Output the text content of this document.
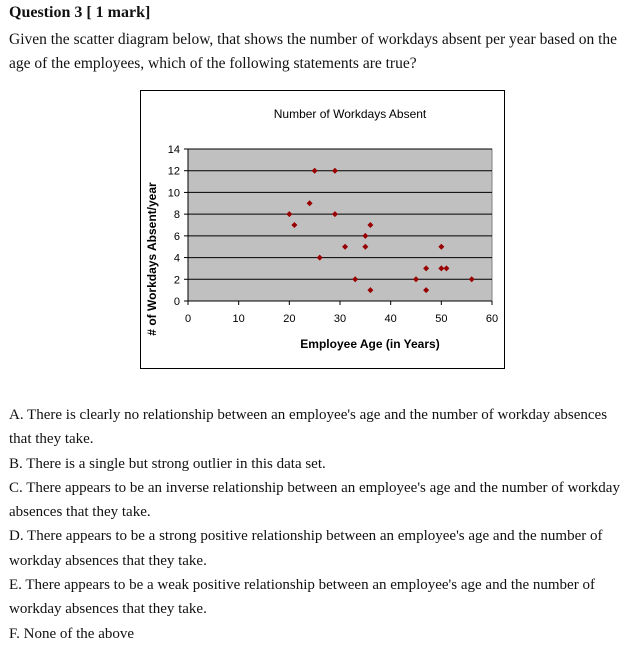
Question 3 [ 1 mark]
Given the scatter diagram below, that shows the number of workdays absent per year based on the age of the employees, which of the following statements are true?
0
2
4
6
8
10
12
14
0	10	20	30	40	50	60
Number of Workdays Absent
Employee Age (in Years)
# of Workdays Absent/year

A. There is clearly no relationship between an employee's age and the number of workday absences that they take.

B. There is a single but strong outlier in this data set.

C. There appears to be an inverse relationship between an employee's age and the number of workday absences that they take.

D. There appears to be a strong positive relationship between an employee's age and the number of workday absences that they take.

E. There appears to be a weak positive relationship between an employee's age and the number of workday absences that they take.

F. None of the above
